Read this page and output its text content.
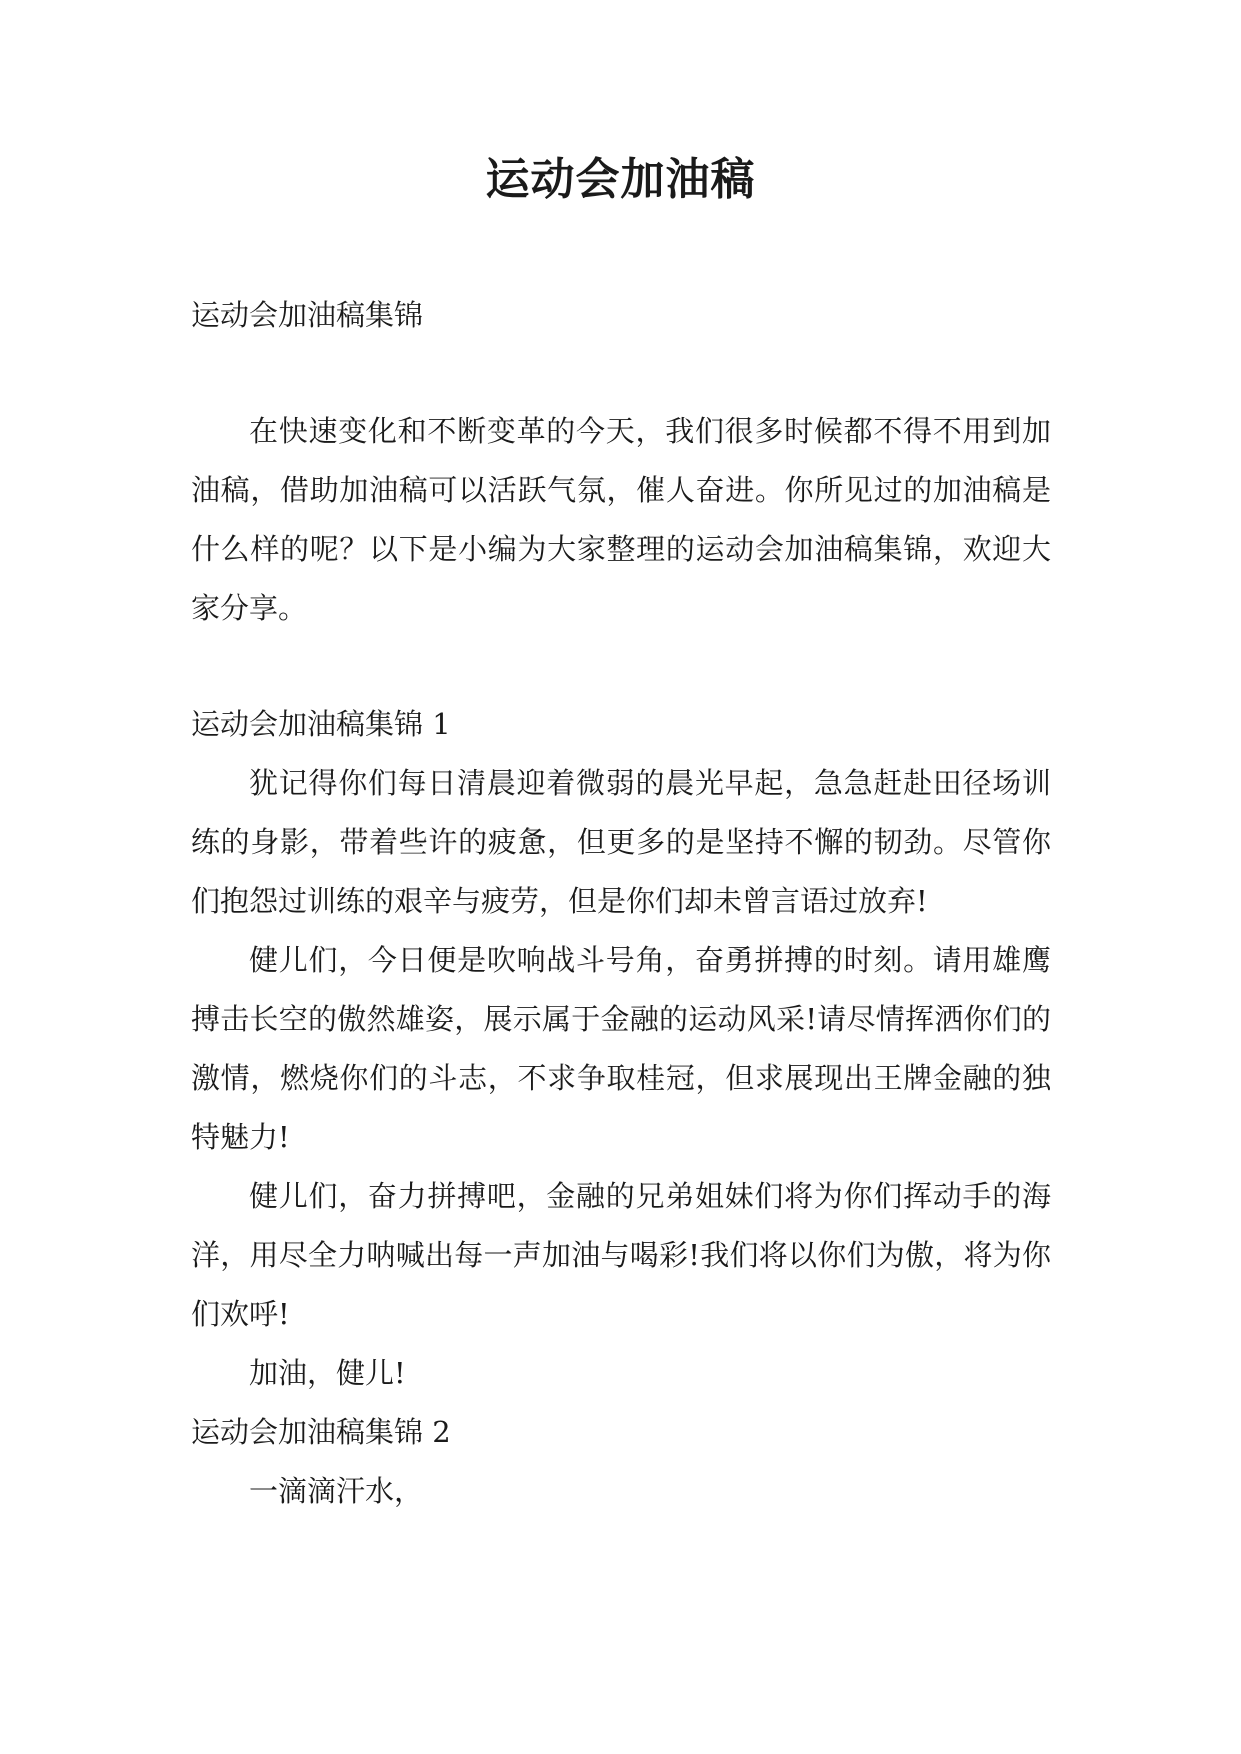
运动会加油稿

运动会加油稿集锦

在快速变化和不断变革的今天，我们很多时候都不得不用到加油稿，借助加油稿可以活跃气氛，催人奋进。你所见过的加油稿是什么样的呢？以下是小编为大家整理的运动会加油稿集锦，欢迎大家分享。

运动会加油稿集锦 1

犹记得你们每日清晨迎着微弱的晨光早起，急急赶赴田径场训练的身影，带着些许的疲惫，但更多的是坚持不懈的韧劲。尽管你们抱怨过训练的艰辛与疲劳，但是你们却未曾言语过放弃!

健儿们，今日便是吹响战斗号角，奋勇拼搏的时刻。请用雄鹰搏击长空的傲然雄姿，展示属于金融的运动风采!请尽情挥洒你们的激情，燃烧你们的斗志，不求争取桂冠，但求展现出王牌金融的独特魅力!

健儿们，奋力拼搏吧，金融的兄弟姐妹们将为你们挥动手的海洋，用尽全力呐喊出每一声加油与喝彩!我们将以你们为傲，将为你们欢呼!

加油，健儿!

运动会加油稿集锦 2

一滴滴汗水，
